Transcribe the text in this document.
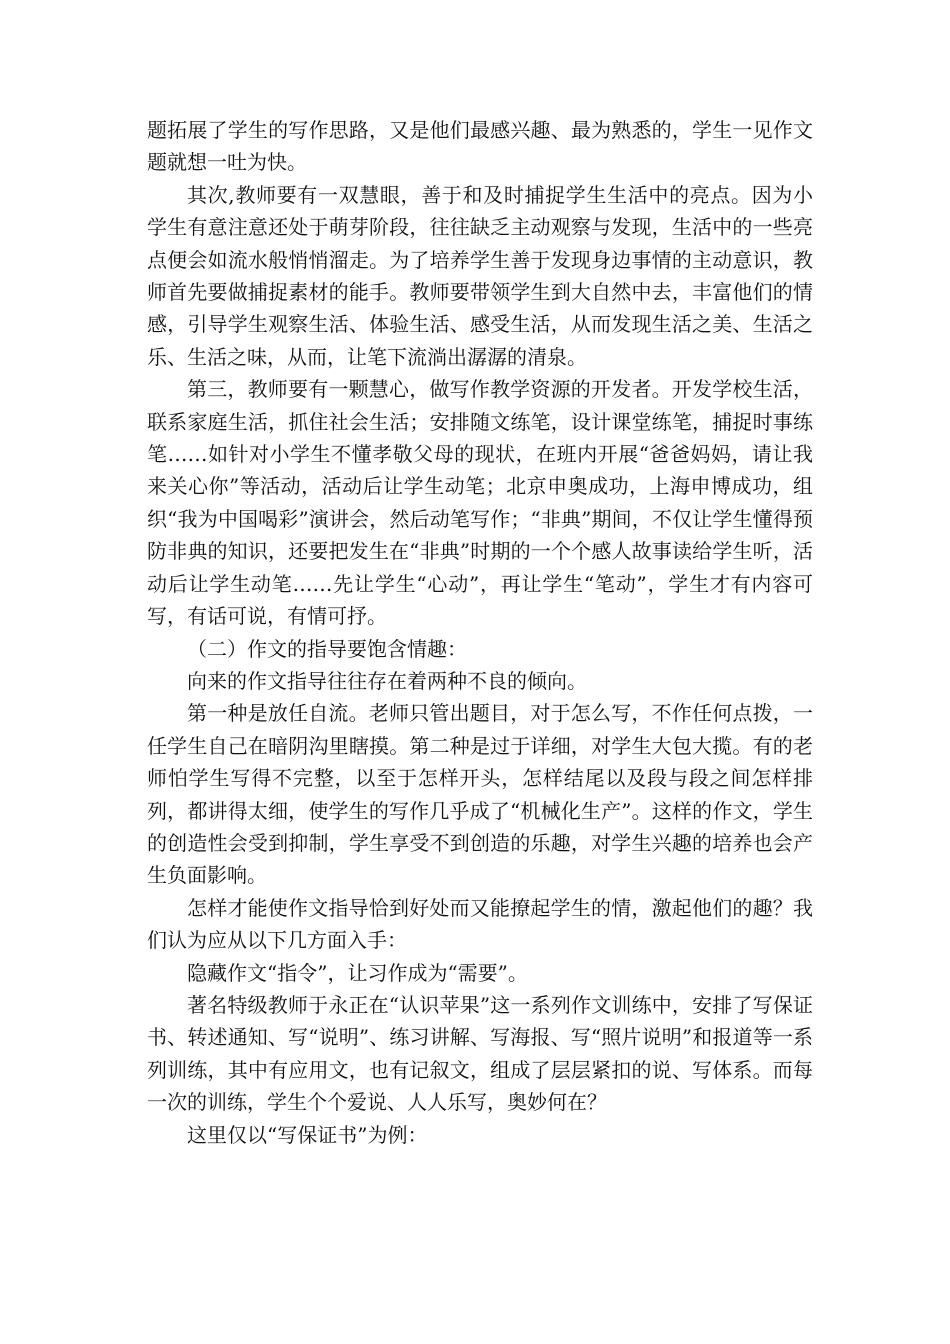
题拓展了学生的写作思路，又是他们最感兴趣、最为熟悉的，学生一见作文题就想一吐为快。

其次,教师要有一双慧眼，善于和及时捕捉学生生活中的亮点。因为小学生有意注意还处于萌芽阶段，往往缺乏主动观察与发现，生活中的一些亮点便会如流水般悄悄溜走。为了培养学生善于发现身边事情的主动意识，教师首先要做捕捉素材的能手。教师要带领学生到大自然中去，丰富他们的情感，引导学生观察生活、体验生活、感受生活，从而发现生活之美、生活之乐、生活之味，从而，让笔下流淌出潺潺的清泉。

第三，教师要有一颗慧心，做写作教学资源的开发者。开发学校生活，联系家庭生活，抓住社会生活；安排随文练笔，设计课堂练笔，捕捉时事练笔……如针对小学生不懂孝敬父母的现状，在班内开展“爸爸妈妈，请让我来关心你”等活动，活动后让学生动笔；北京申奥成功，上海申博成功，组织“我为中国喝彩”演讲会，然后动笔写作；“非典”期间，不仅让学生懂得预防非典的知识，还要把发生在“非典”时期的一个个感人故事读给学生听，活动后让学生动笔……先让学生“心动”，再让学生“笔动”，学生才有内容可写，有话可说，有情可抒。

（二）作文的指导要饱含情趣：

向来的作文指导往往存在着两种不良的倾向。

第一种是放任自流。老师只管出题目，对于怎么写，不作任何点拨，一任学生自己在暗阴沟里瞎摸。第二种是过于详细，对学生大包大揽。有的老师怕学生写得不完整，以至于怎样开头，怎样结尾以及段与段之间怎样排列，都讲得太细，使学生的写作几乎成了“机械化生产”。这样的作文，学生的创造性会受到抑制，学生享受不到创造的乐趣，对学生兴趣的培养也会产生负面影响。

怎样才能使作文指导恰到好处而又能撩起学生的情，激起他们的趣？我们认为应从以下几方面入手：

隐藏作文“指令”，让习作成为“需要”。

著名特级教师于永正在“认识苹果”这一系列作文训练中，安排了写保证书、转述通知、写“说明”、练习讲解、写海报、写“照片说明”和报道等一系列训练，其中有应用文，也有记叙文，组成了层层紧扣的说、写体系。而每一次的训练，学生个个爱说、人人乐写，奥妙何在？

这里仅以“写保证书”为例：
